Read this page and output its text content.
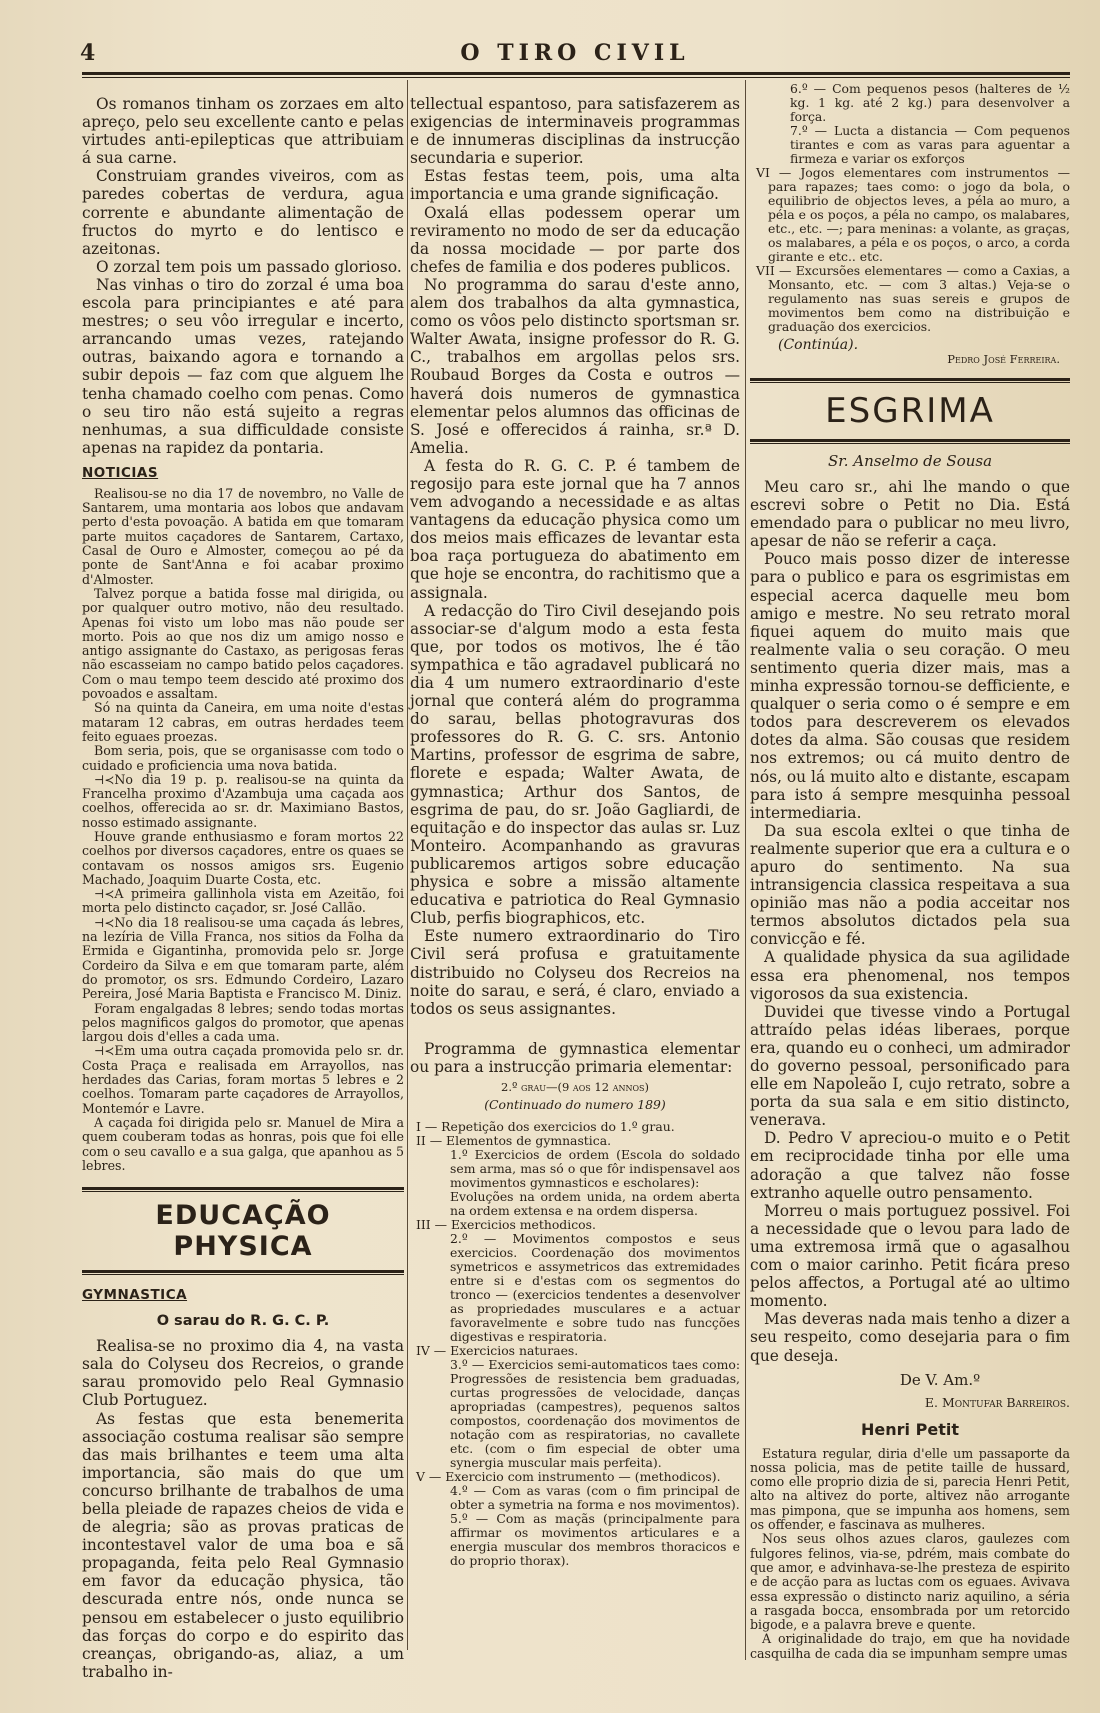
4	O TIRO CIVIL

Os romanos tinham os zorzaes em alto apreço, pelo seu excellente canto e pelas virtudes anti-epilepticas que attribuiam á sua carne.

Construiam grandes viveiros, com as paredes cobertas de verdura, agua corrente e abundante alimentação de fructos do myrto e do lentisco e azeitonas.

O zorzal tem pois um passado glorioso.

Nas vinhas o tiro do zorzal é uma boa escola para principiantes e até para mestres; o seu vôo irregular e incerto, arrancando umas vezes, ratejando outras, baixando agora e tornando a subir depois — faz com que alguem lhe tenha chamado coelho com penas. Como o seu tiro não está sujeito a regras nenhumas, a sua difficuldade consiste apenas na rapidez da pontaria.

NOTICIAS

Realisou-se no dia 17 de novembro, no Valle de Santarem, uma montaria aos lobos que andavam perto d'esta povoação. A batida em que tomaram parte muitos caçadores de Santarem, Cartaxo, Casal de Ouro e Almoster, começou ao pé da ponte de Sant'Anna e foi acabar proximo d'Almoster.

Talvez porque a batida fosse mal dirigida, ou por qualquer outro motivo, não deu resultado. Apenas foi visto um lobo mas não poude ser morto. Pois ao que nos diz um amigo nosso e antigo assignante do Castaxo, as perigosas feras não escasseiam no campo batido pelos caçadores. Com o mau tempo teem descido até proximo dos povoados e assaltam.

Só na quinta da Caneira, em uma noite d'estas mataram 12 cabras, em outras herdades teem feito eguaes proezas.

Bom seria, pois, que se organisasse com todo o cuidado e proficiencia uma nova batida.

⊣≺No dia 19 p. p. realisou-se na quinta da Francelha proximo d'Azambuja uma caçada aos coelhos, offerecida ao sr. dr. Maximiano Bastos, nosso estimado assignante.

Houve grande enthusiasmo e foram mortos 22 coelhos por diversos caçadores, entre os quaes se contavam os nossos amigos srs. Eugenio Machado, Joaquim Duarte Costa, etc.

⊣≺A primeira gallinhola vista em Azeitão, foi morta pelo distincto caçador, sr. José Callão.

⊣≺No dia 18 realisou-se uma caçada ás lebres, na lezíria de Villa Franca, nos sitios da Folha da Ermida e Gigantinha, promovida pelo sr. Jorge Cordeiro da Silva e em que tomaram parte, além do promotor, os srs. Edmundo Cordeiro, Lazaro Pereira, José Maria Baptista e Francisco M. Diniz.

Foram engalgadas 8 lebres; sendo todas mortas pelos magnificos galgos do promotor, que apenas largou dois d'elles a cada uma.

⊣≺Em uma outra caçada promovida pelo sr. dr. Costa Praça e realisada em Arrayollos, nas herdades das Carias, foram mortas 5 lebres e 2 coelhos. Tomaram parte caçadores de Arrayollos, Montemór e Lavre.

A caçada foi dirigida pelo sr. Manuel de Mira a quem couberam todas as honras, pois que foi elle com o seu cavallo e a sua galga, que apanhou as 5 lebres.

EDUCAÇÃO PHYSICA
GYMNASTICA
O sarau do R. G. C. P.

Realisa-se no proximo dia 4, na vasta sala do Colyseu dos Recreios, o grande sarau promovido pelo Real Gymnasio Club Portuguez.

As festas que esta benemerita associação costuma realisar são sempre das mais brilhantes e teem uma alta importancia, são mais do que um concurso brilhante de trabalhos de uma bella pleiade de rapazes cheios de vida e de alegria; são as provas praticas de incontestavel valor de uma boa e sã propaganda, feita pelo Real Gymnasio em favor da educação physica, tão descurada entre nós, onde nunca se pensou em estabelecer o justo equilibrio das forças do corpo e do espirito das creanças, obrigando-as, aliaz, a um trabalho in-

tellectual espantoso, para satisfazerem as exigencias de interminaveis programmas e de innumeras disciplinas da instrucção secundaria e superior.

Estas festas teem, pois, uma alta importancia e uma grande significação.

Oxalá ellas podessem operar um reviramento no modo de ser da educação da nossa mocidade — por parte dos chefes de familia e dos poderes publicos.

No programma do sarau d'este anno, alem dos trabalhos da alta gymnastica, como os vôos pelo distincto sportsman sr. Walter Awata, insigne professor do R. G. C., trabalhos em argollas pelos srs. Roubaud Borges da Costa e outros — haverá dois numeros de gymnastica elementar pelos alumnos das officinas de S. José e offerecidos á rainha, sr.ª D. Amelia.

A festa do R. G. C. P. é tambem de regosijo para este jornal que ha 7 annos vem advogando a necessidade e as altas vantagens da educação physica como um dos meios mais efficazes de levantar esta boa raça portugueza do abatimento em que hoje se encontra, do rachitismo que a assignala.

A redacção do Tiro Civil desejando pois associar-se d'algum modo a esta festa que, por todos os motivos, lhe é tão sympathica e tão agradavel publicará no dia 4 um numero extraordinario d'este jornal que conterá além do programma do sarau, bellas photogravuras dos professores do R. G. C. srs. Antonio Martins, professor de esgrima de sabre, florete e espada; Walter Awata, de gymnastica; Arthur dos Santos, de esgrima de pau, do sr. João Gagliardi, de equitação e do inspector das aulas sr. Luz Monteiro. Acompanhando as gravuras publicaremos artigos sobre educação physica e sobre a missão altamente educativa e patriotica do Real Gymnasio Club, perfis biographicos, etc.

Este numero extraordinario do Tiro Civil será profusa e gratuitamente distribuido no Colyseu dos Recreios na noite do sarau, e será, é claro, enviado a todos os seus assignantes.

Programma de gymnastica elementar ou para a instrucção primaria elementar:

2.º grau—(9 aos 12 annos)

(Continuado do numero 189)

I — Repetição dos exercicios do 1.º grau.

II — Elementos de gymnastica.

1.º Exercicios de ordem (Escola do soldado sem arma, mas só o que fôr indispensavel aos movimentos gymnasticos e escholares):

Evoluções na ordem unida, na ordem aberta na ordem extensa e na ordem dispersa.

III — Exercicios methodicos.

2.º — Movimentos compostos e seus exercicios. Coordenação dos movimentos symetricos e assymetricos das extremidades entre si e d'estas com os segmentos do tronco — (exercicios tendentes a desenvolver as propriedades musculares e a actuar favoravelmente e sobre tudo nas funcções digestivas e respiratoria.

IV — Exercicios naturaes.

3.º — Exercicios semi-automaticos taes como: Progressões de resistencia bem graduadas, curtas progressões de velocidade, danças apropriadas (campestres), pequenos saltos compostos, coordenação dos movimentos de notação com as respiratorias, no cavallete etc. (com o fim especial de obter uma synergia muscular mais perfeita).

V — Exercicio com instrumento — (methodicos).

4.º — Com as varas (com o fim principal de obter a symetria na forma e nos movimentos).

5.º — Com as maçãs (principalmente para affirmar os movimentos articulares e a energia muscular dos membros thoracicos e do proprio thorax).

6.º — Com pequenos pesos (halteres de ½ kg. 1 kg. até 2 kg.) para desenvolver a força.

7.º — Lucta a distancia — Com pequenos tirantes e com as varas para aguentar a firmeza e variar os exforços

VI — Jogos elementares com instrumentos — para rapazes; taes como: o jogo da bola, o equilibrio de objectos leves, a péla ao muro, a péla e os poços, a péla no campo, os malabares, etc., etc. —; para meninas: a volante, as graças, os malabares, a péla e os poços, o arco, a corda girante e etc.. etc.

VII — Excursões elementares — como a Caxias, a Monsanto, etc. — com 3 altas.) Veja-se o regulamento nas suas sereis e grupos de movimentos bem como na distribuição e graduação dos exercicios.

(Continúa).

Pedro José Ferreira.

ESGRIMA

Sr. Anselmo de Sousa

Meu caro sr., ahi lhe mando o que escrevi sobre o Petit no Dia. Está emendado para o publicar no meu livro, apesar de não se referir a caça.

Pouco mais posso dizer de interesse para o publico e para os esgrimistas em especial acerca daquelle meu bom amigo e mestre. No seu retrato moral fiquei aquem do muito mais que realmente valia o seu coração. O meu sentimento queria dizer mais, mas a minha expressão tornou-se defficiente, e qualquer o seria como o é sempre e em todos para descreverem os elevados dotes da alma. São cousas que residem nos extremos; ou cá muito dentro de nós, ou lá muito alto e distante, escapam para isto á sempre mesquinha pessoal intermediaria.

Da sua escola exltei o que tinha de realmente superior que era a cultura e o apuro do sentimento. Na sua intransigencia classica respeitava a sua opinião mas não a podia acceitar nos termos absolutos dictados pela sua convicção e fé.

A qualidade physica da sua agilidade essa era phenomenal, nos tempos vigorosos da sua existencia.

Duvidei que tivesse vindo a Portugal attraído pelas idéas liberaes, porque era, quando eu o conheci, um admirador do governo pessoal, personificado para elle em Napoleão I, cujo retrato, sobre a porta da sua sala e em sitio distincto, venerava.

D. Pedro V apreciou-o muito e o Petit em reciprocidade tinha por elle uma adoração a que talvez não fosse extranho aquelle outro pensamento.

Morreu o mais portuguez possivel. Foi a necessidade que o levou para lado de uma extremosa irmã que o agasalhou com o maior carinho. Petit ficára preso pelos affectos, a Portugal até ao ultimo momento.

Mas deveras nada mais tenho a dizer a seu respeito, como desejaria para o fim que deseja.

De V. Am.º

E. Montufar Barreiros.

Henri Petit

Estatura regular, diria d'elle um passaporte da nossa policia, mas de petite taille de hussard, como elle proprio dizia de si, parecia Henri Petit, alto na altivez do porte, altivez não arrogante mas pimpona, que se impunha aos homens, sem os offender, e fascinava as mulheres.

Nos seus olhos azues claros, gaulezes com fulgores felinos, via-se, pdrém, mais combate do que amor, e advinhava-se-lhe presteza de espirito e de acção para as luctas com os eguaes. Avivava essa expressão o distincto nariz aquilino, a séria a rasgada bocca, ensombrada por um retorcido bigode, e a palavra breve e quente.

A originalidade do trajo, em que ha novidade casquilha de cada dia se impunham sempre umas
